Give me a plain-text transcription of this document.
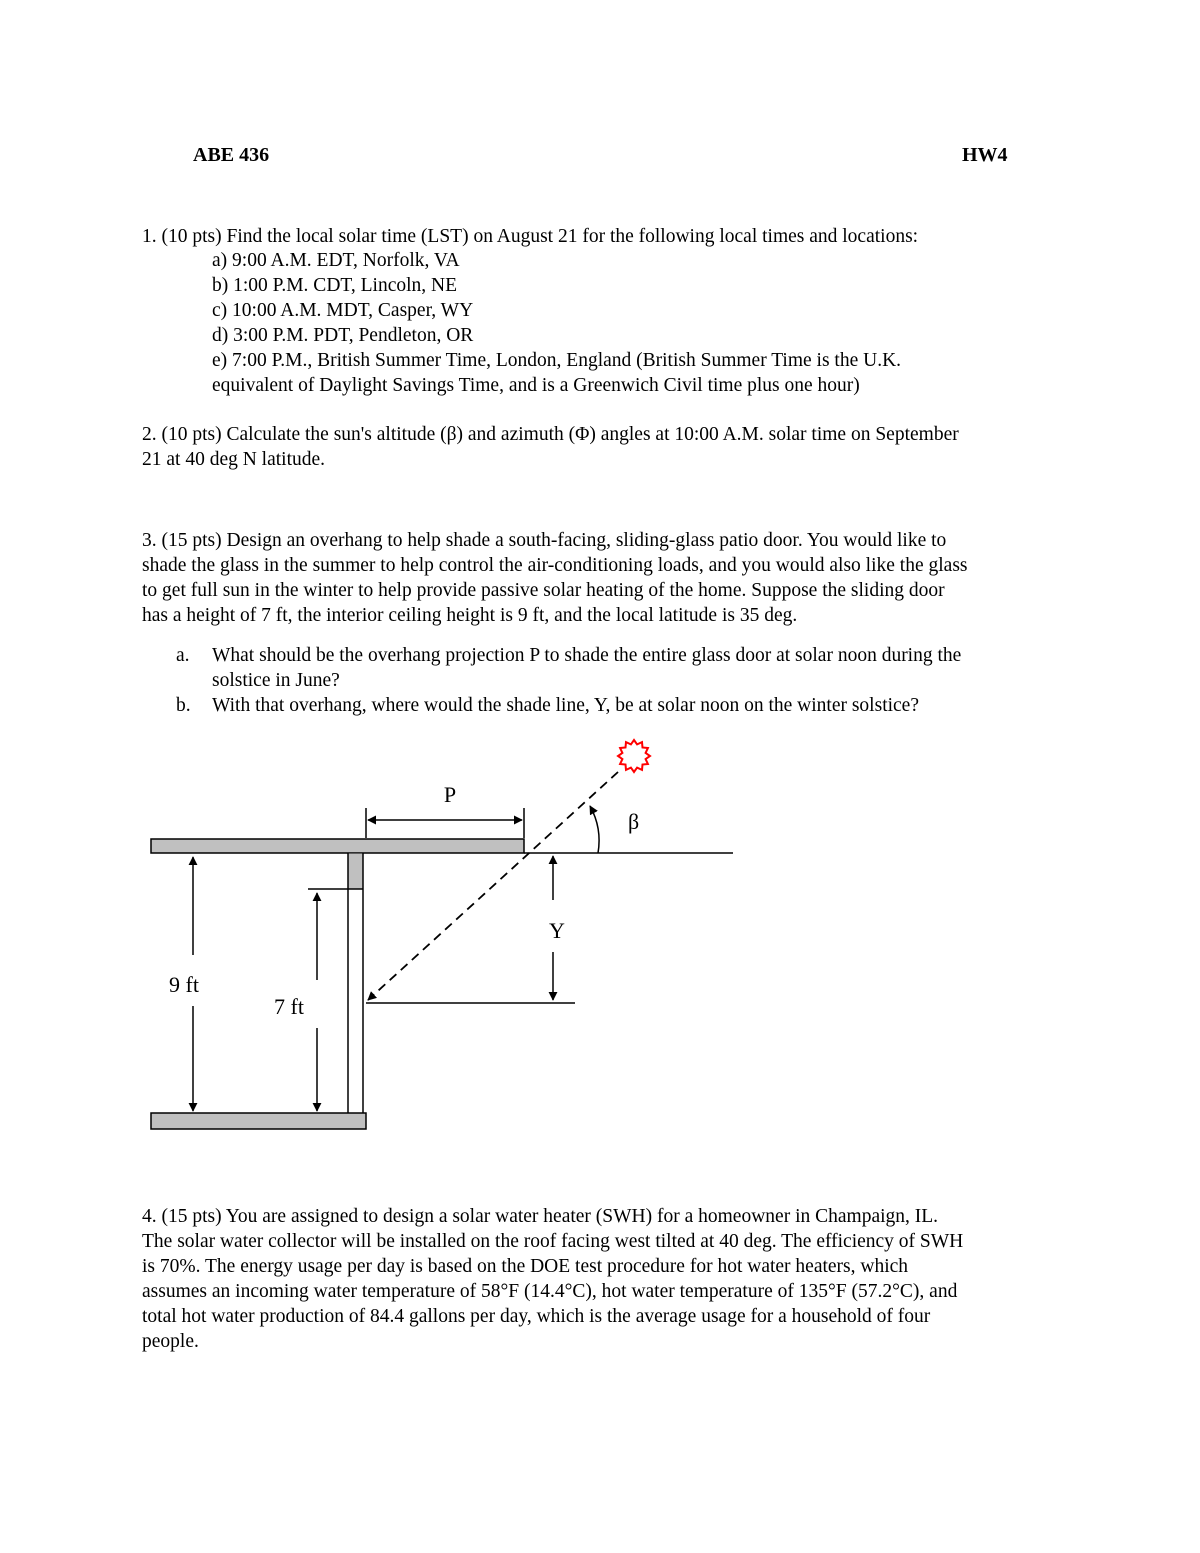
ABE 436	HW4
1. (10 pts) Find the local solar time (LST) on August 21 for the following local times and locations:
a) 9:00 A.M. EDT, Norfolk, VA
b) 1:00 P.M. CDT, Lincoln, NE
c) 10:00 A.M. MDT, Casper, WY
d) 3:00 P.M. PDT, Pendleton, OR
e) 7:00 P.M., British Summer Time, London, England (British Summer Time is the U.K.
equivalent of Daylight Savings Time, and is a Greenwich Civil time plus one hour)
2. (10 pts) Calculate the sun's altitude (β) and azimuth (Φ) angles at 10:00 A.M. solar time on September
21 at 40 deg N latitude.
3. (15 pts) Design an overhang to help shade a south-facing, sliding-glass patio door. You would like to
shade the glass in the summer to help control the air-conditioning loads, and you would also like the glass
to get full sun in the winter to help provide passive solar heating of the home. Suppose the sliding door
has a height of 7 ft, the interior ceiling height is 9 ft, and the local latitude is 35 deg.
a. What should be the overhang projection P to shade the entire glass door at solar noon during the
solstice in June?
b. With that overhang, where would the shade line, Y, be at solar noon on the winter solstice?
P
β
Y
9 ft
7 ft
4. (15 pts) You are assigned to design a solar water heater (SWH) for a homeowner in Champaign, IL.
The solar water collector will be installed on the roof facing west tilted at 40 deg. The efficiency of SWH
is 70%. The energy usage per day is based on the DOE test procedure for hot water heaters, which
assumes an incoming water temperature of 58°F (14.4°C), hot water temperature of 135°F (57.2°C), and
total hot water production of 84.4 gallons per day, which is the average usage for a household of four
people.
